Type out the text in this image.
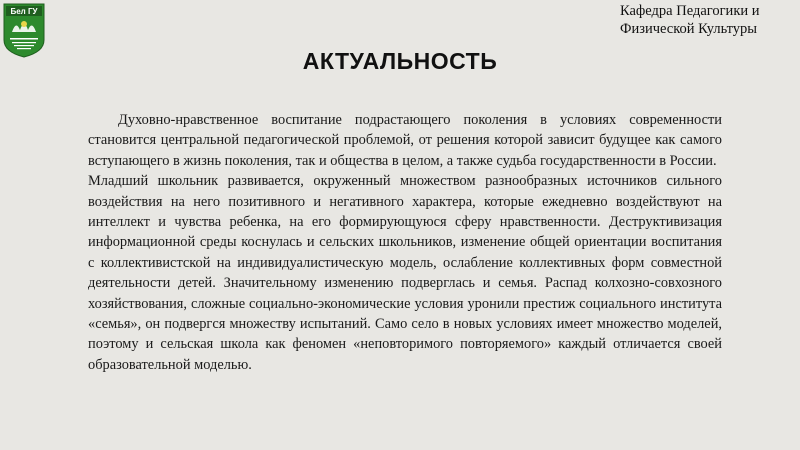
Бел ГУ	Кафедра Педагогики и
Физической Культуры
АКТУАЛЬНОСТЬ

Духовно-нравственное воспитание подрастающего поколения в условиях современности становится центральной педагогической проблемой, от решения которой зависит будущее как самого вступающего в жизнь поколения, так и общества в целом, а также судьба государственности в России.

Младший школьник развивается, окруженный множеством разнообразных источников сильного воздействия на него позитивного и негативного характера, которые ежедневно воздействуют на интеллект и чувства ребенка, на его формирующуюся сферу нравственности. Деструктивизация информационной среды коснулась и сельских школьников, изменение общей ориентации воспитания с коллективистской на индивидуалистическую модель, ослабление коллективных форм совместной деятельности детей. Значительному изменению подверглась и семья. Распад колхозно-совхозного хозяйствования, сложные социально-экономические условия уронили престиж социального института «семья», он подвергся множеству испытаний. Само село в новых условиях имеет множество моделей, поэтому и сельская школа как феномен «неповторимого повторяемого» каждый отличается своей образовательной моделью.
